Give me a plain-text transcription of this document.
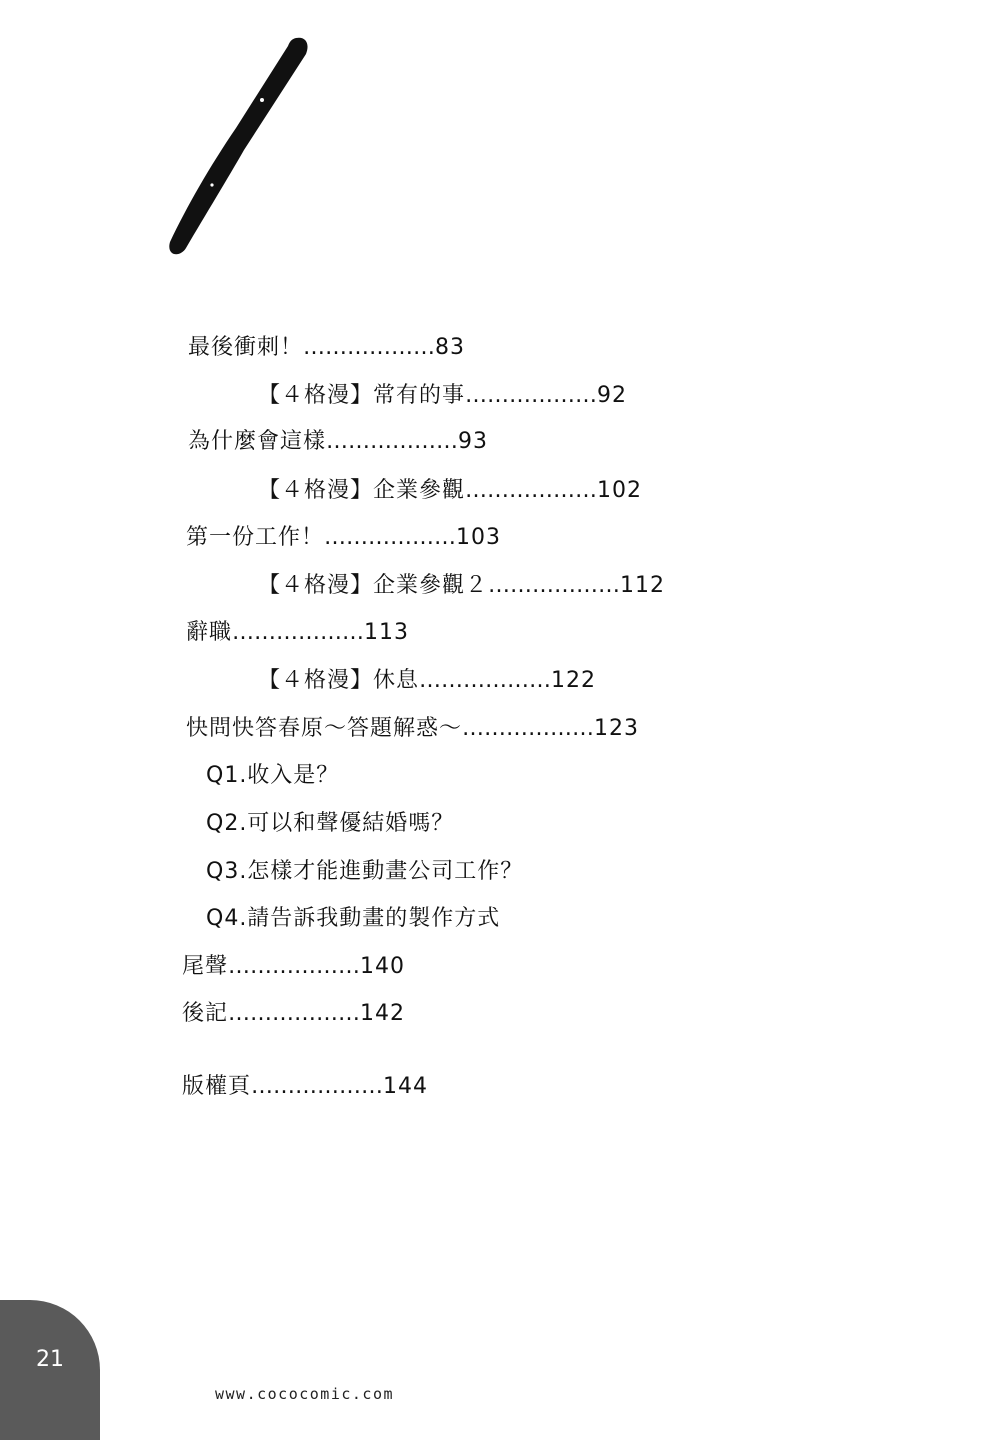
最後衝刺！………………83
【４格漫】常有的事………………92
為什麼會這樣………………93
【４格漫】企業參觀………………102
第一份工作！………………103
【４格漫】企業參觀２………………112
辭職………………113
【４格漫】休息………………122
快問快答春原～答題解惑～………………123
Q1.收入是？
Q2.可以和聲優結婚嗎？
Q3.怎樣才能進動畫公司工作？
Q4.請告訴我動畫的製作方式
尾聲………………140
後記………………142
版權頁………………144
21
www.cococomic.com
